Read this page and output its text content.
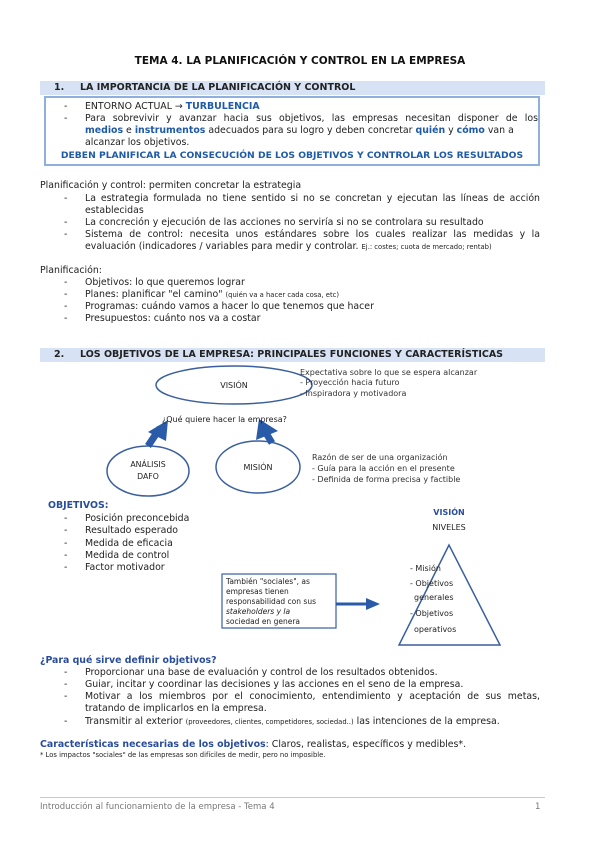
TEMA 4. LA PLANIFICACIÓN Y CONTROL EN LA EMPRESA
1. LA IMPORTANCIA DE LA PLANIFICACIÓN Y CONTROL
- ENTORNO ACTUAL → TURBULENCIA
- Para sobrevivir y avanzar hacia sus objetivos, las empresas necesitan disponer de los
medios e instrumentos adecuados para su logro y deben concretar quién y cómo van a
alcanzar los objetivos.
DEBEN PLANIFICAR LA CONSECUCIÓN DE LOS OBJETIVOS Y CONTROLAR LOS RESULTADOS
Planificación y control: permiten concretar la estrategia
- La estrategia formulada no tiene sentido si no se concretan y ejecutan las líneas de acción
establecidas
- La concreción y ejecución de las acciones no serviría si no se controlara su resultado
- Sistema de control: necesita unos estándares sobre los cuales realizar las medidas y la
evaluación (indicadores / variables para medir y controlar. Ej.: costes; cuota de mercado; rentab)
Planificación:
- Objetivos: lo que queremos lograr
- Planes: planificar "el camino" (quién va a hacer cada cosa, etc)
- Programas: cuándo vamos a hacer lo que tenemos que hacer
- Presupuestos: cuánto nos va a costar
2. LOS OBJETIVOS DE LA EMPRESA: PRINCIPALES FUNCIONES Y CARACTERÍSTICAS
VISIÓN
Expectativa sobre lo que se espera alcanzar
- Proyección hacia futuro
- Inspiradora y motivadora
¿Qué quiere hacer la empresa?
ANÁLISIS
DAFO
MISIÓN
Razón de ser de una organización
- Guía para la acción en el presente
- Definida de forma precisa y factible
OBJETIVOS:
- Posición preconcebida
- Resultado esperado
- Medida de eficacia
- Medida de control
- Factor motivador
También "sociales", as
empresas tienen
responsabilidad con sus
stakeholders y la
sociedad en genera
VISIÓN
NIVELES
- Misión
- Objetivos
generales
- Objetivos
operativos
¿Para qué sirve definir objetivos?
- Proporcionar una base de evaluación y control de los resultados obtenidos.
- Guiar, incitar y coordinar las decisiones y las acciones en el seno de la empresa.
- Motivar a los miembros por el conocimiento, entendimiento y aceptación de sus metas,
tratando de implicarlos en la empresa.
- Transmitir al exterior (proveedores, clientes, competidores, sociedad..) las intenciones de la empresa.
Características necesarias de los objetivos: Claros, realistas, específicos y medibles*.
* Los impactos "sociales" de las empresas son difíciles de medir, pero no imposible.
Introducción al funcionamiento de la empresa - Tema 4	1
